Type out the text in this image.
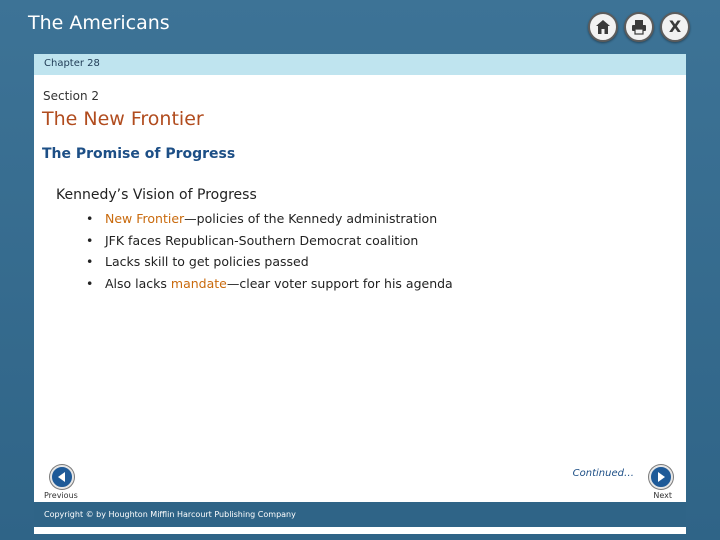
The Americans	X
Chapter 28
Section 2
The New Frontier
The Promise of Progress
Kennedy’s Vision of Progress
• New Frontier—policies of the Kennedy administration
• JFK faces Republican-Southern Democrat coalition
• Lacks skill to get policies passed
• Also lacks mandate—clear voter support for his agenda
Continued…
Previous	Next
Copyright © by Houghton Mifflin Harcourt Publishing Company
